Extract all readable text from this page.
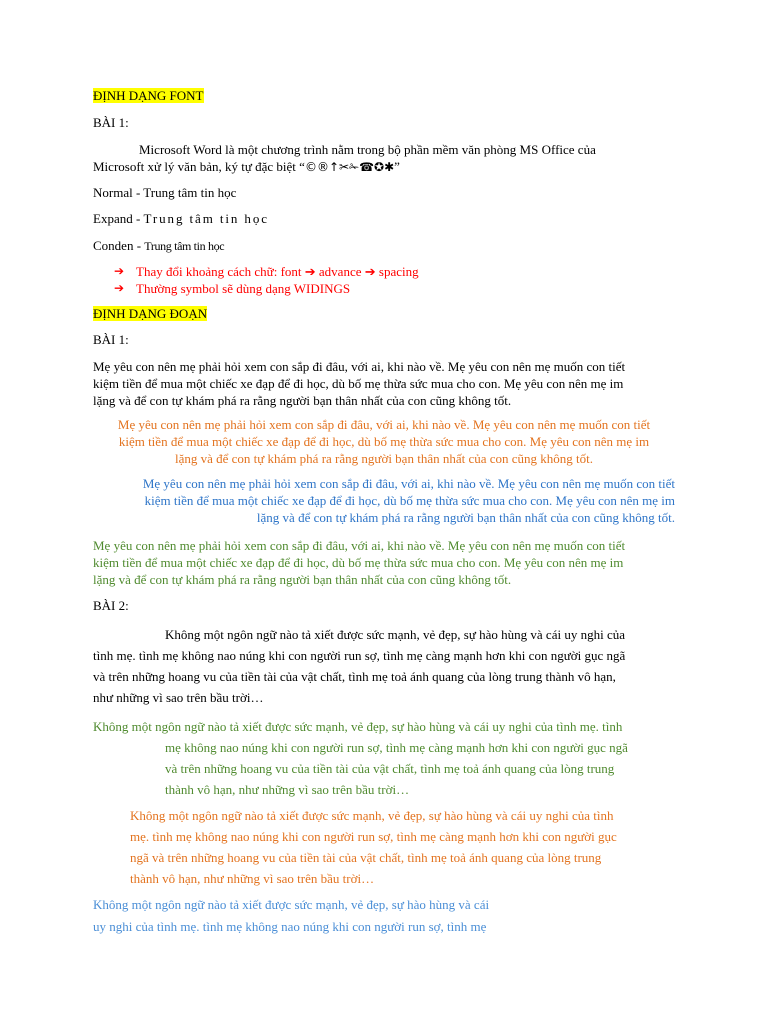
ĐỊNH DẠNG FONT

BÀI 1:

Microsoft Word là một chương trình nằm trong bộ phần mềm văn phòng MS Office của
Microsoft xử lý văn bản, ký tự đặc biệt “©®↑✂✁☎✪✱”

Normal - Trung tâm tin học

Expand - Trung tâm tin học

Conden - Trung tâm tin học

➔ Thay đổi khoảng cách chữ: font ➔ advance ➔ spacing
➔ Thường symbol sẽ dùng dạng WIDINGS

ĐỊNH DẠNG ĐOẠN

BÀI 1:

Mẹ yêu con nên mẹ phải hỏi xem con sắp đi đâu, với ai, khi nào về. Mẹ yêu con nên mẹ muốn con tiết
kiệm tiền để mua một chiếc xe đạp để đi học, dù bố mẹ thừa sức mua cho con. Mẹ yêu con nên mẹ im
lặng và để con tự khám phá ra rằng người bạn thân nhất của con cũng không tốt.
Mẹ yêu con nên mẹ phải hỏi xem con sắp đi đâu, với ai, khi nào về. Mẹ yêu con nên mẹ muốn con tiết
kiệm tiền để mua một chiếc xe đạp để đi học, dù bố mẹ thừa sức mua cho con. Mẹ yêu con nên mẹ im
lặng và để con tự khám phá ra rằng người bạn thân nhất của con cũng không tốt.
Mẹ yêu con nên mẹ phải hỏi xem con sắp đi đâu, với ai, khi nào về. Mẹ yêu con nên mẹ muốn con tiết
kiệm tiền để mua một chiếc xe đạp để đi học, dù bố mẹ thừa sức mua cho con. Mẹ yêu con nên mẹ im
lặng và để con tự khám phá ra rằng người bạn thân nhất của con cũng không tốt.
Mẹ yêu con nên mẹ phải hỏi xem con sắp đi đâu, với ai, khi nào về. Mẹ yêu con nên mẹ muốn con tiết
kiệm tiền để mua một chiếc xe đạp để đi học, dù bố mẹ thừa sức mua cho con. Mẹ yêu con nên mẹ im
lặng và để con tự khám phá ra rằng người bạn thân nhất của con cũng không tốt.

BÀI 2:

Không một ngôn ngữ nào tả xiết được sức mạnh, vẻ đẹp, sự hào hùng và cái uy nghi của
tình mẹ. tình mẹ không nao núng khi con người run sợ, tình mẹ càng mạnh hơn khi con người gục ngã
và trên những hoang vu của tiền tài của vật chất, tình mẹ toả ánh quang của lòng trung thành vô hạn,
như những vì sao trên bầu trời…
Không một ngôn ngữ nào tả xiết được sức mạnh, vẻ đẹp, sự hào hùng và cái uy nghi của tình mẹ. tình
mẹ không nao núng khi con người run sợ, tình mẹ càng mạnh hơn khi con người gục ngã
và trên những hoang vu của tiền tài của vật chất, tình mẹ toả ánh quang của lòng trung
thành vô hạn, như những vì sao trên bầu trời…
Không một ngôn ngữ nào tả xiết được sức mạnh, vẻ đẹp, sự hào hùng và cái uy nghi của tình
mẹ. tình mẹ không nao núng khi con người run sợ, tình mẹ càng mạnh hơn khi con người gục
ngã và trên những hoang vu của tiền tài của vật chất, tình mẹ toả ánh quang của lòng trung
thành vô hạn, như những vì sao trên bầu trời…
Không một ngôn ngữ nào tả xiết được sức mạnh, vẻ đẹp, sự hào hùng và cái
uy nghi của tình mẹ. tình mẹ không nao núng khi con người run sợ, tình mẹ
